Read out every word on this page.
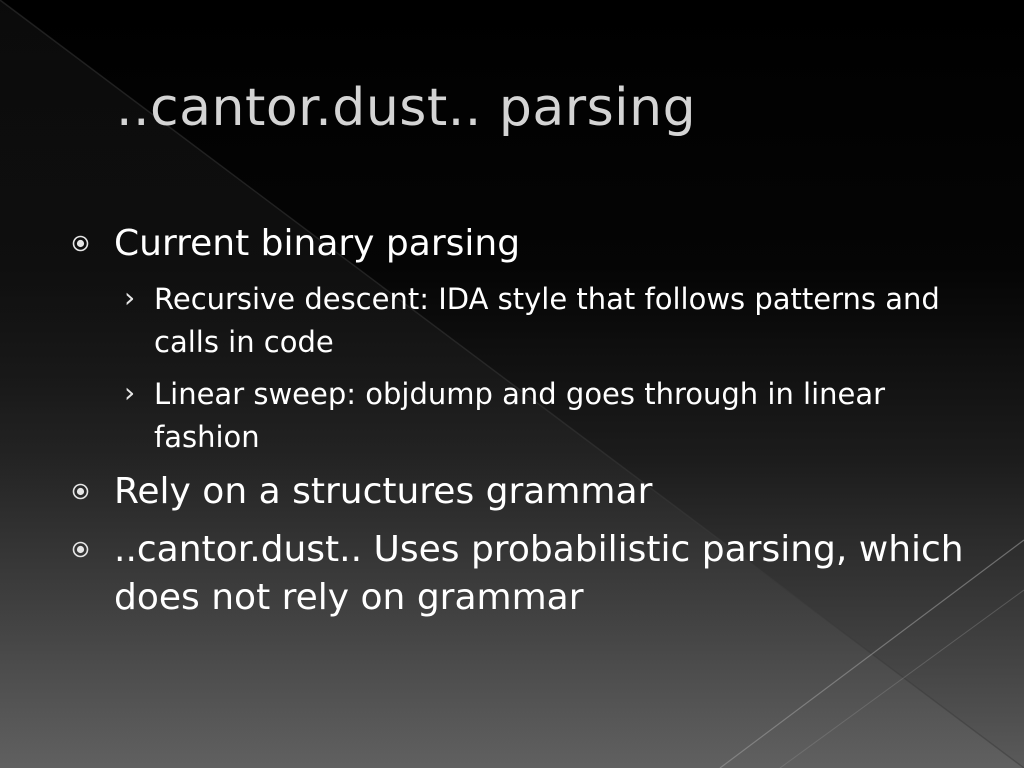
..cantor.dust.. parsing
Current binary parsing
› Recursive descent: IDA style that follows patterns and calls in code
› Linear sweep: objdump and goes through in linear fashion
Rely on a structures grammar
..cantor.dust.. Uses probabilistic parsing, which does not rely on grammar
